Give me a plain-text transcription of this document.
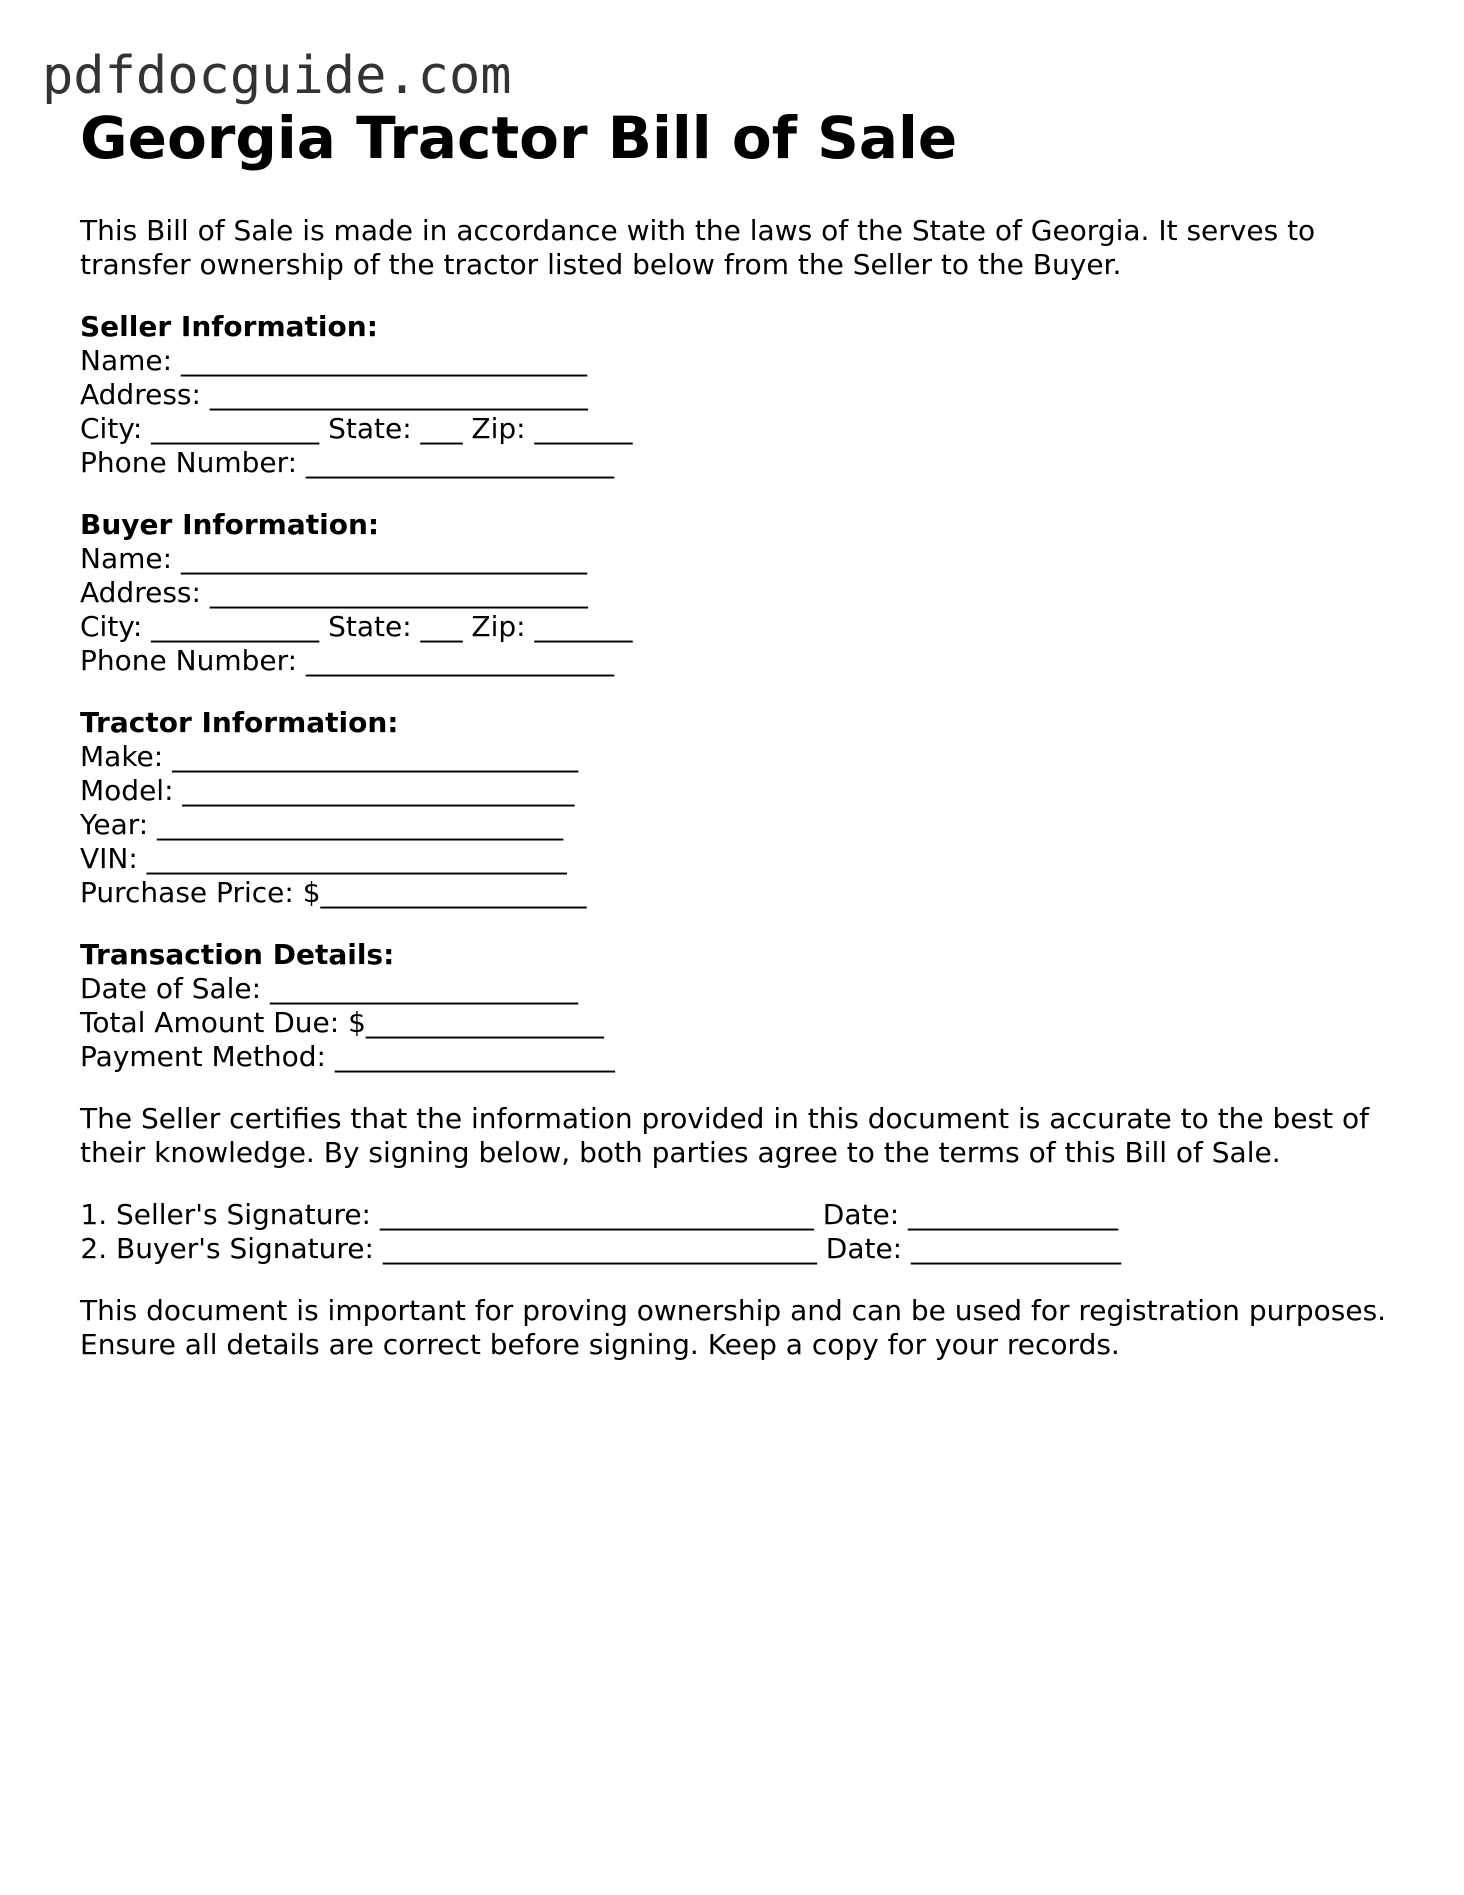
pdfdocguide.com
Georgia Tractor Bill of Sale

This Bill of Sale is made in accordance with the laws of the State of Georgia. It serves to transfer ownership of the tractor listed below from the Seller to the Buyer.

Seller Information:

Name: _____________________________

Address: ___________________________

City: ____________ State: ___ Zip: _______

Phone Number: ______________________

Buyer Information:

Name: _____________________________

Address: ___________________________

City: ____________ State: ___ Zip: _______

Phone Number: ______________________

Tractor Information:

Make: _____________________________

Model: ____________________________

Year: _____________________________

VIN: ______________________________

Purchase Price: $___________________

Transaction Details:

Date of Sale: ______________________

Total Amount Due: $_________________

Payment Method: ____________________

The Seller certifies that the information provided in this document is accurate to the best of their knowledge. By signing below, both parties agree to the terms of this Bill of Sale.

1. Seller's Signature: _______________________________ Date: _______________
2. Buyer's Signature: _______________________________ Date: _______________

This document is important for proving ownership and can be used for registration purposes. Ensure all details are correct before signing. Keep a copy for your records.
